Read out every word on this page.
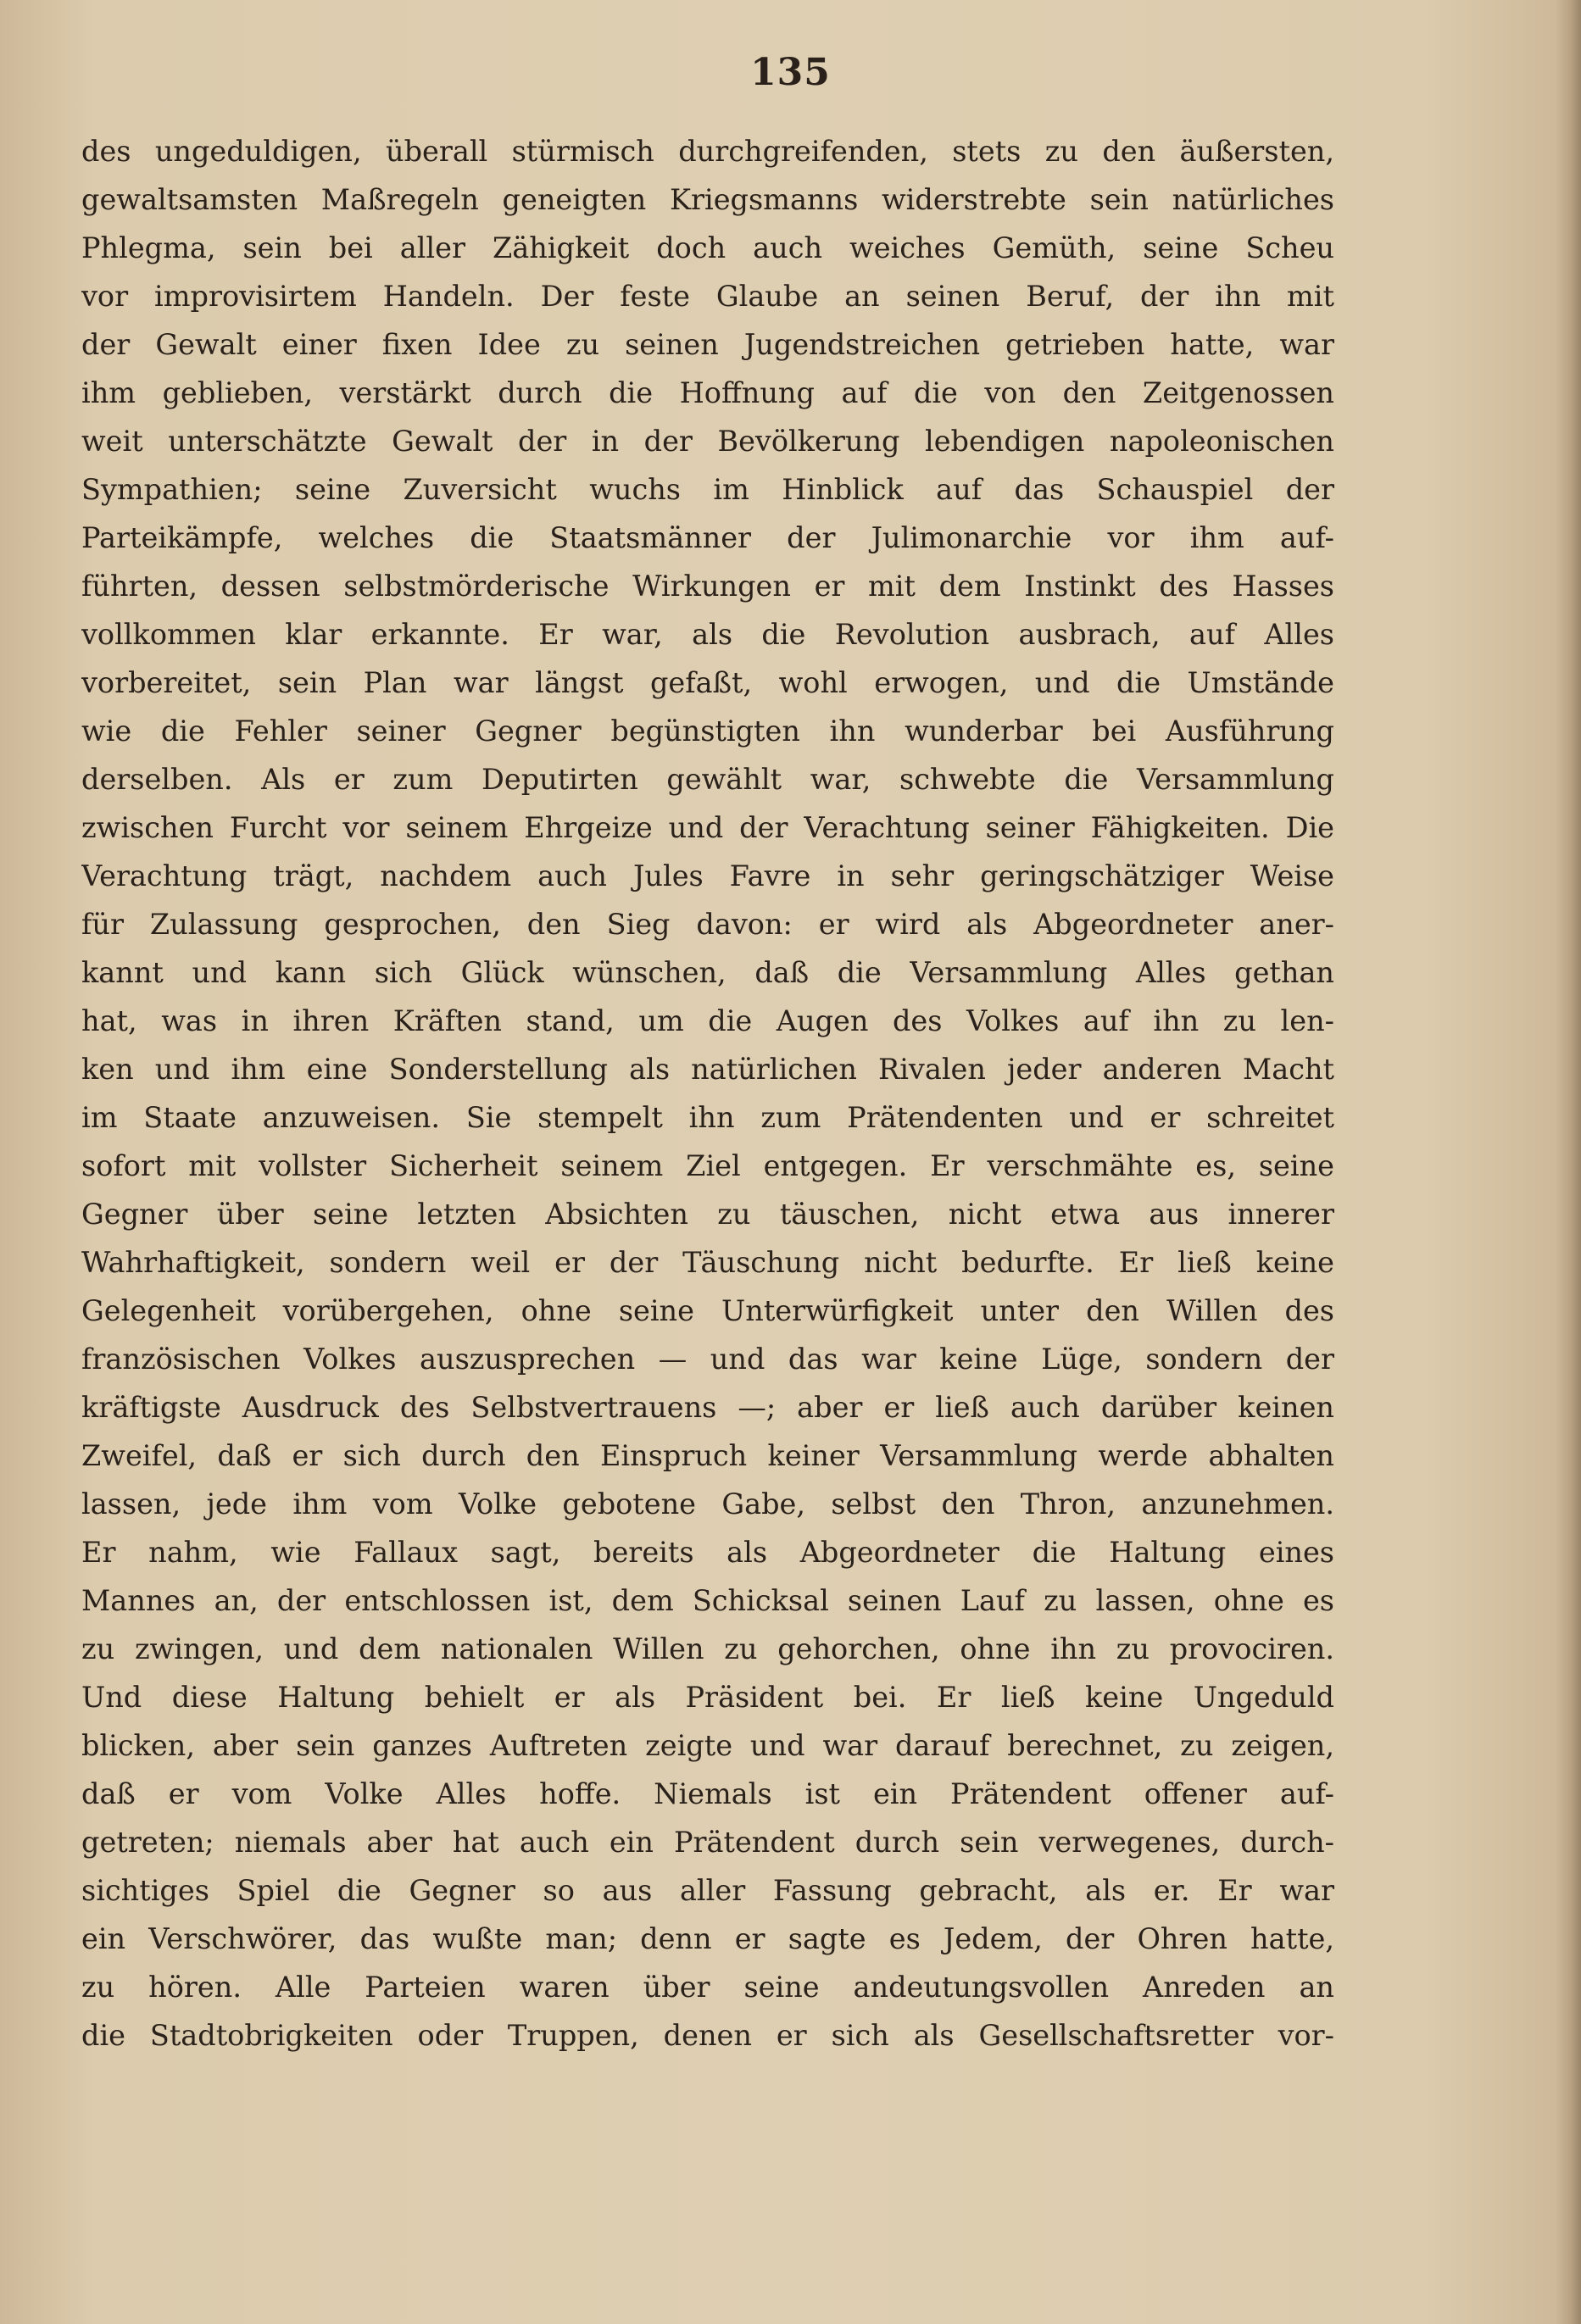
135
des ungeduldigen, überall stürmisch durchgreifenden, stets zu den äußersten,
gewaltsamsten Maßregeln geneigten Kriegsmanns widerstrebte sein natürliches
Phlegma, sein bei aller Zähigkeit doch auch weiches Gemüth, seine Scheu
vor improvisirtem Handeln. Der feste Glaube an seinen Beruf, der ihn mit
der Gewalt einer fixen Idee zu seinen Jugendstreichen getrieben hatte, war
ihm geblieben, verstärkt durch die Hoffnung auf die von den Zeitgenossen
weit unterschätzte Gewalt der in der Bevölkerung lebendigen napoleonischen
Sympathien; seine Zuversicht wuchs im Hinblick auf das Schauspiel der
Parteikämpfe, welches die Staatsmänner der Julimonarchie vor ihm auf-
führten, dessen selbstmörderische Wirkungen er mit dem Instinkt des Hasses
vollkommen klar erkannte. Er war, als die Revolution ausbrach, auf Alles
vorbereitet, sein Plan war längst gefaßt, wohl erwogen, und die Umstände
wie die Fehler seiner Gegner begünstigten ihn wunderbar bei Ausführung
derselben. Als er zum Deputirten gewählt war, schwebte die Versammlung
zwischen Furcht vor seinem Ehrgeize und der Verachtung seiner Fähigkeiten. Die
Verachtung trägt, nachdem auch Jules Favre in sehr geringschätziger Weise
für Zulassung gesprochen, den Sieg davon: er wird als Abgeordneter aner-
kannt und kann sich Glück wünschen, daß die Versammlung Alles gethan
hat, was in ihren Kräften stand, um die Augen des Volkes auf ihn zu len-
ken und ihm eine Sonderstellung als natürlichen Rivalen jeder anderen Macht
im Staate anzuweisen. Sie stempelt ihn zum Prätendenten und er schreitet
sofort mit vollster Sicherheit seinem Ziel entgegen. Er verschmähte es, seine
Gegner über seine letzten Absichten zu täuschen, nicht etwa aus innerer
Wahrhaftigkeit, sondern weil er der Täuschung nicht bedurfte. Er ließ keine
Gelegenheit vorübergehen, ohne seine Unterwürfigkeit unter den Willen des
französischen Volkes auszusprechen — und das war keine Lüge, sondern der
kräftigste Ausdruck des Selbstvertrauens —; aber er ließ auch darüber keinen
Zweifel, daß er sich durch den Einspruch keiner Versammlung werde abhalten
lassen, jede ihm vom Volke gebotene Gabe, selbst den Thron, anzunehmen.
Er nahm, wie Fallaux sagt, bereits als Abgeordneter die Haltung eines
Mannes an, der entschlossen ist, dem Schicksal seinen Lauf zu lassen, ohne es
zu zwingen, und dem nationalen Willen zu gehorchen, ohne ihn zu provociren.
Und diese Haltung behielt er als Präsident bei. Er ließ keine Ungeduld
blicken, aber sein ganzes Auftreten zeigte und war darauf berechnet, zu zeigen,
daß er vom Volke Alles hoffe. Niemals ist ein Prätendent offener auf-
getreten; niemals aber hat auch ein Prätendent durch sein verwegenes, durch-
sichtiges Spiel die Gegner so aus aller Fassung gebracht, als er. Er war
ein Verschwörer, das wußte man; denn er sagte es Jedem, der Ohren hatte,
zu hören. Alle Parteien waren über seine andeutungsvollen Anreden an
die Stadtobrigkeiten oder Truppen, denen er sich als Gesellschaftsretter vor-
